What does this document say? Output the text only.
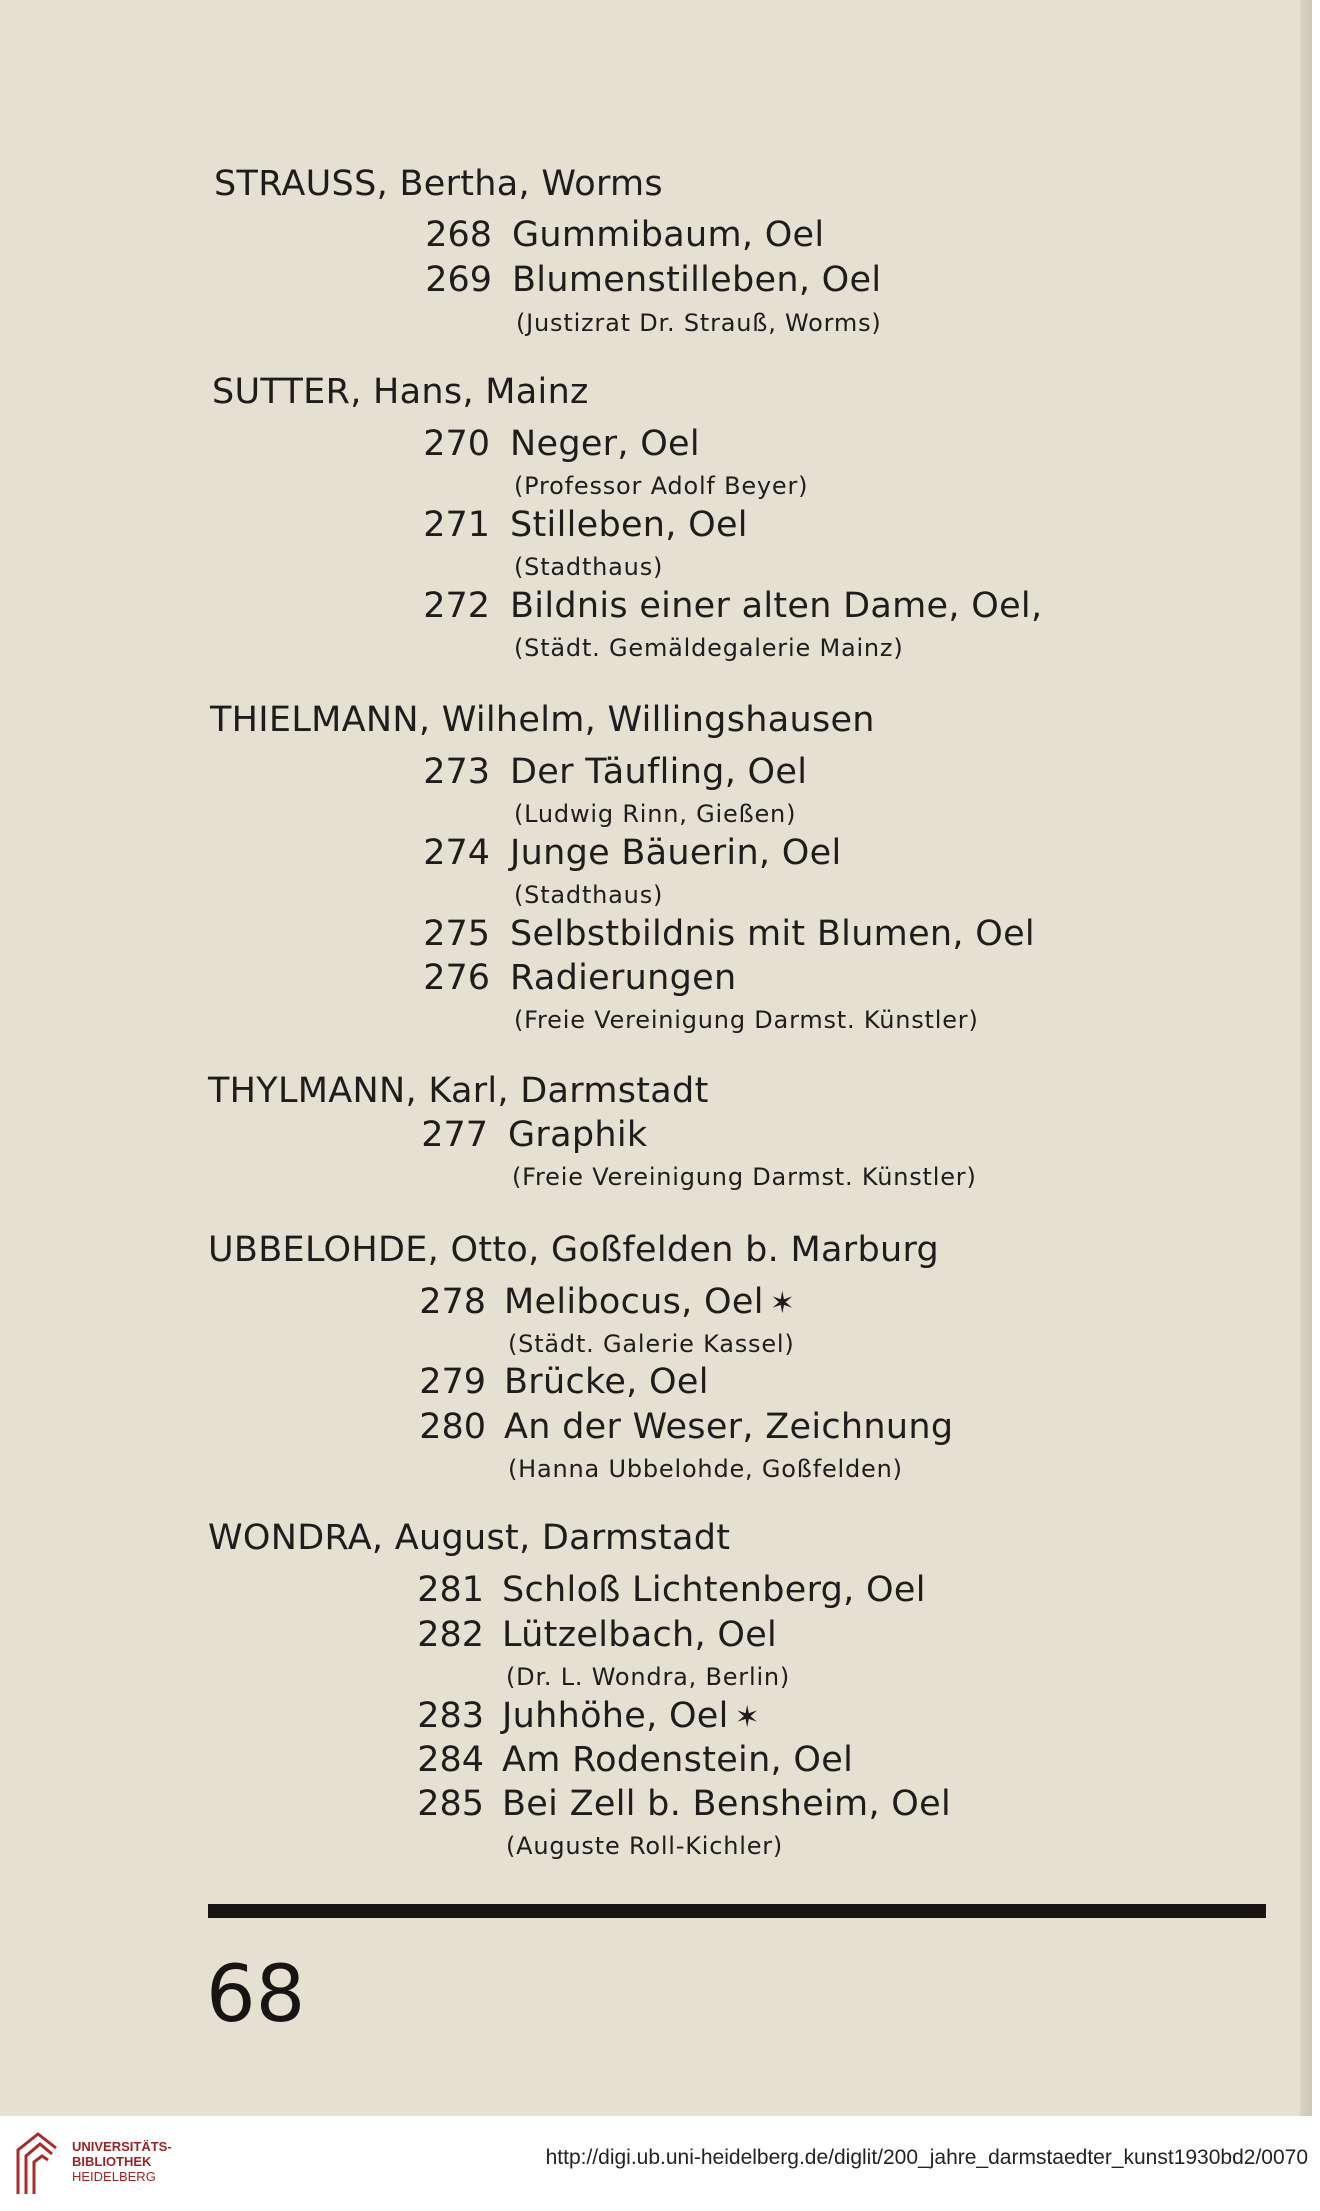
STRAUSS, Bertha, Worms
268 Gummibaum, Oel
269 Blumenstilleben, Oel
(Justizrat Dr. Strauß, Worms)
SUTTER, Hans, Mainz
270 Neger, Oel
(Professor Adolf Beyer)
271 Stilleben, Oel
(Stadthaus)
272 Bildnis einer alten Dame, Oel,
(Städt. Gemäldegalerie Mainz)
THIELMANN, Wilhelm, Willingshausen
273 Der Täufling, Oel
(Ludwig Rinn, Gießen)
274 Junge Bäuerin, Oel
(Stadthaus)
275 Selbstbildnis mit Blumen, Oel
276 Radierungen
(Freie Vereinigung Darmst. Künstler)
THYLMANN, Karl, Darmstadt
277 Graphik
(Freie Vereinigung Darmst. Künstler)
UBBELOHDE, Otto, Goßfelden b. Marburg
278 Melibocus, Oel ✶
(Städt. Galerie Kassel)
279 Brücke, Oel
280 An der Weser, Zeichnung
(Hanna Ubbelohde, Goßfelden)
WONDRA, August, Darmstadt
281 Schloß Lichtenberg, Oel
282 Lützelbach, Oel
(Dr. L. Wondra, Berlin)
283 Juhhöhe, Oel ✶
284 Am Rodenstein, Oel
285 Bei Zell b. Bensheim, Oel
(Auguste Roll-Kichler)
68
UNIVERSITÄTS-
BIBLIOTHEK
HEIDELBERG
http://digi.ub.uni-heidelberg.de/diglit/200_jahre_darmstaedter_kunst1930bd2/0070
